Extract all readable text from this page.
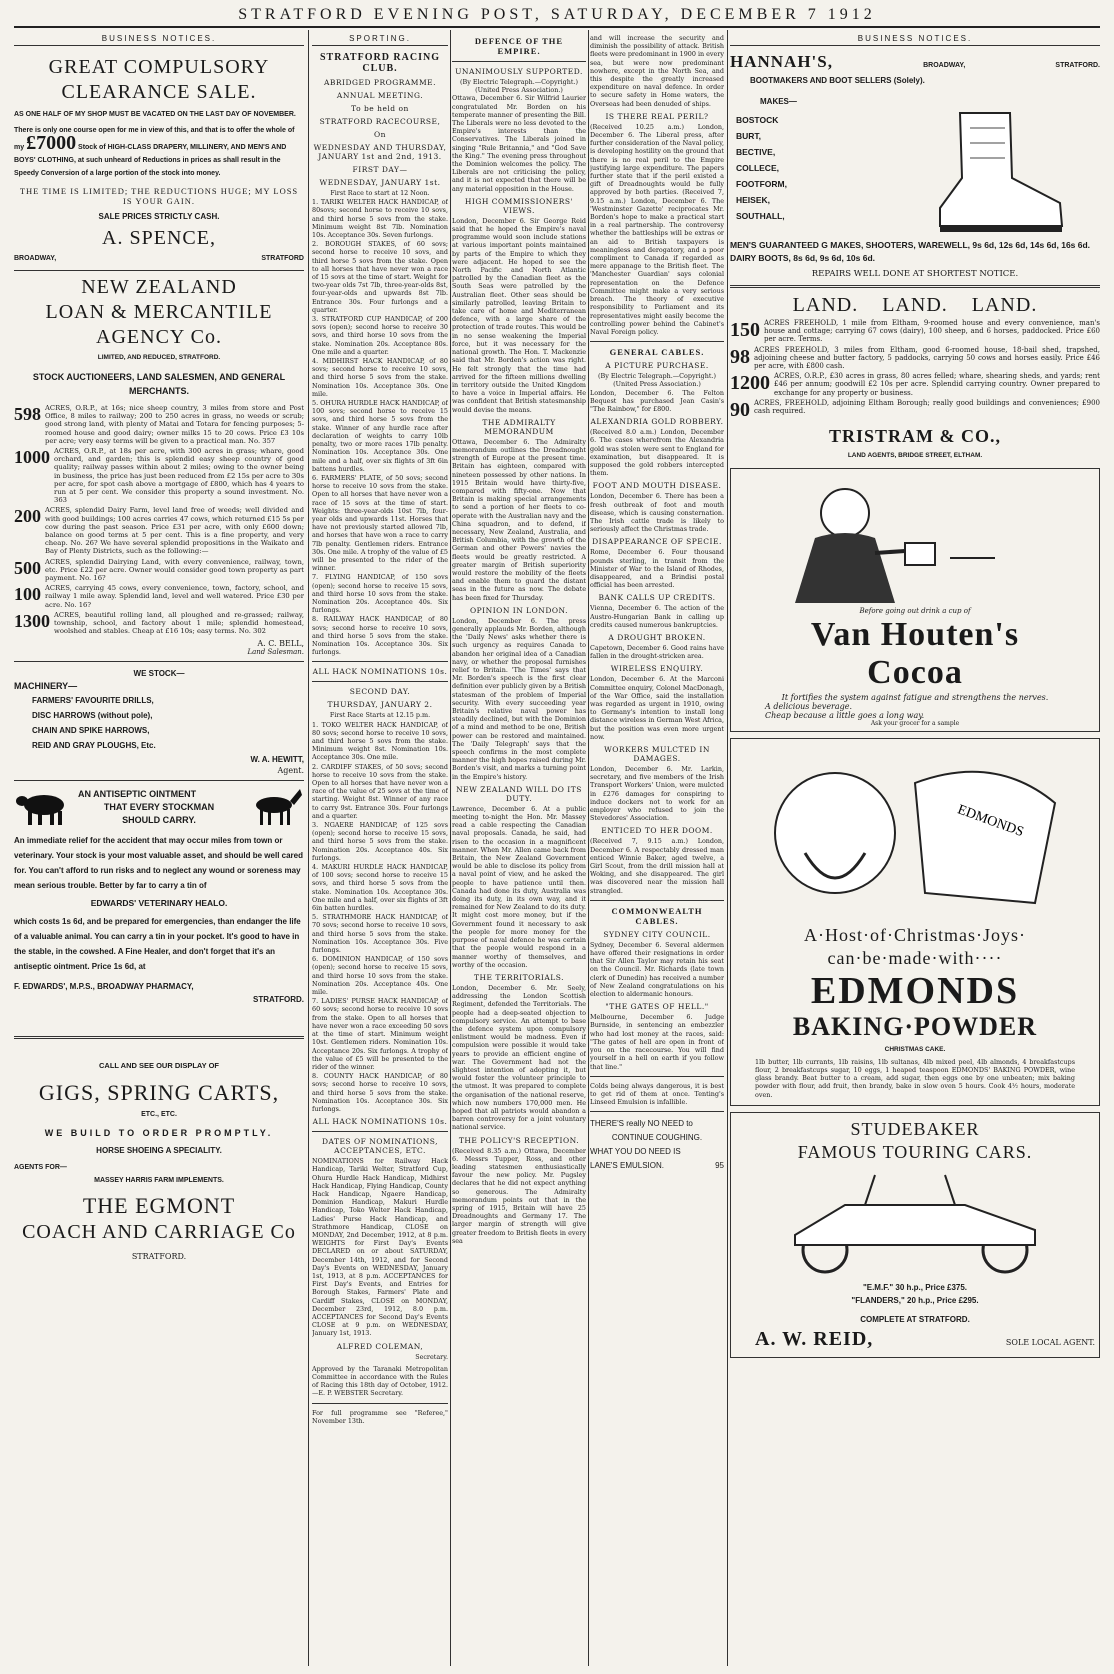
STRATFORD EVENING POST, SATURDAY, DECEMBER 7 1912
BUSINESS NOTICES.
GREAT COMPULSORY
CLEARANCE SALE.
AS ONE HALF OF MY SHOP MUST BE VACATED ON THE LAST DAY OF NOVEMBER.
There is only one course open for me in view of this, and that is to offer the whole of my £7000 Stock of HIGH-CLASS DRAPERY, MILLINERY, AND MEN'S AND BOYS' CLOTHING, at such unheard of Reductions in prices as shall result in the Speedy Conversion of a large portion of the stock into money.
THE TIME IS LIMITED; THE REDUCTIONS HUGE; MY LOSS IS YOUR GAIN.
SALE PRICES STRICTLY CASH.
A. SPENCE,
BROADWAY,	STRATFORD
NEW ZEALAND
LOAN & MERCANTILE
AGENCY Co.
LIMITED, AND REDUCED, STRATFORD.
STOCK AUCTIONEERS, LAND SALESMEN, AND GENERAL MERCHANTS.
598 ACRES, O.R.P., at 16s; nice sheep country, 3 miles from store and Post Office, 8 miles to railway; 200 to 250 acres in grass, no weeds or scrub; good strong land, with plenty of Matai and Totara for fencing purposes; 5-roomed house and good dairy; owner milks 15 to 20 cows. Price £3 10s per acre; very easy terms will be given to a practical man. No. 357
1000 ACRES, O.R.P., at 18s per acre, with 300 acres in grass; whare, good orchard, and garden; this is splendid easy sheep country of good quality; railway passes within about 2 miles; owing to the owner being in business, the price has just been reduced from £2 15s per acre to 30s per acre, for spot cash above a mortgage of £800, which has 4 years to run at 5 per cent. We consider this property a sound investment. No. 363
200 ACRES, splendid Dairy Farm, level land free of weeds; well divided and with good buildings; 100 acres carries 47 cows, which returned £15 5s per cow during the past season. Price £31 per acre, with only £600 down; balance on good terms at 5 per cent. This is a fine property, and very cheap. No. 26? We have several splendid propositions in the Waikato and Bay of Plenty Districts, such as the following:—
500 ACRES, splendid Dairying Land, with every convenience, railway, town, etc. Price £22 per acre. Owner would consider good town property as part payment. No. 16?
100 ACRES, carrying 45 cows, every convenience, town, factory, school, and railway 1 mile away. Splendid land, level and well watered. Price £30 per acre. No. 16?
1300 ACRES, beautiful rolling land, all ploughed and re-grassed; railway, township, school, and factory about 1 mile; splendid homestead, woolshed and stables. Cheap at £16 10s; easy terms. No. 302
A. C. BELL,
Land Salesman.
WE STOCK—
MACHINERY—
FARMERS' FAVOURITE DRILLS,
DISC HARROWS (without pole),
CHAIN AND SPIKE HARROWS,
REID AND GRAY PLOUGHS, Etc.
W. A. HEWITT,
Agent.
AN ANTISEPTIC OINTMENT
THAT EVERY STOCKMAN
SHOULD CARRY.
An immediate relief for the accident that may occur miles from town or veterinary. Your stock is your most valuable asset, and should be well cared for. You can't afford to run risks and to neglect any wound or soreness may mean serious trouble. Better by far to carry a tin of
EDWARDS' VETERINARY HEALO.
which costs 1s 6d, and be prepared for emergencies, than endanger the life of a valuable animal. You can carry a tin in your pocket. It's good to have in the stable, in the cowshed. A Fine Healer, and don't forget that it's an antiseptic ointment. Price 1s 6d, at
F. EDWARDS', M.P.S., BROADWAY PHARMACY,
STRATFORD.
CALL AND SEE OUR DISPLAY OF
GIGS, SPRING CARTS,
ETC., ETC.
WE BUILD TO ORDER PROMPTLY.
HORSE SHOEING A SPECIALITY.
AGENTS FOR—
MASSEY HARRIS FARM IMPLEMENTS.
THE EGMONT
COACH AND CARRIAGE Co
STRATFORD.
SPORTING.
STRATFORD RACING CLUB.
ABRIDGED PROGRAMME.
ANNUAL MEETING.
To be held on
STRATFORD RACECOURSE,
On
WEDNESDAY AND THURSDAY, JANUARY 1st and 2nd, 1913.
FIRST DAY—
WEDNESDAY, JANUARY 1st.
First Race to start at 12 Noon.
1. TARIKI WELTER HACK HANDICAP, of 80sovs; second horse to receive 10 sovs, and third horse 5 sovs from the stake. Minimum weight 8st 7lb. Nomination 10s. Acceptance 30s. Seven furlongs.
2. BOROUGH STAKES, of 60 sovs; second horse to receive 10 sovs, and third horse 5 sovs from the stake. Open to all horses that have never won a race of 15 sovs at the time of start. Weight for two-year olds 7st 7lb, three-year-olds 8st, four-year-olds and upwards 8st 7lb. Entrance 30s. Four furlongs and a quarter.
3. STRATFORD CUP HANDICAP, of 200 sovs (open); second horse to receive 30 sovs, and third horse 10 sovs from the stake. Nomination 20s. Acceptance 80s. One mile and a quarter.
4. MIDHIRST HACK HANDICAP, of 80 sovs; second horse to receive 10 sovs, and third horse 5 sovs from the stake. Nomination 10s. Acceptance 30s. One mile.
5. OHURA HURDLE HACK HANDICAP, of 100 sovs; second horse to receive 15 sovs, and third horse 5 sovs from the stake. Winner of any hurdle race after declaration of weights to carry 10lb penalty, two or more races 17lb penalty. Nomination 10s. Acceptance 30s. One mile and a half, over six flights of 3ft 6in battens hurdles.
6. FARMERS' PLATE, of 50 sovs; second horse to receive 10 sovs from the stake. Open to all horses that have never won a race of 15 sovs at the time of start. Weights: three-year-olds 10st 7lb, four-year olds and upwards 11st. Horses that have not previously started allowed 7lb, and horses that have won a race to carry 7lb penalty. Gentlemen riders. Entrance 30s. One mile. A trophy of the value of £5 will be presented to the rider of the winner.
7. FLYING HANDICAP, of 150 sovs (open); second horse to receive 15 sovs, and third horse 10 sovs from the stake. Nomination 20s. Acceptance 40s. Six furlongs.
8. RAILWAY HACK HANDICAP, of 80 sovs; second horse to receive 10 sovs, and third horse 5 sovs from the stake. Nomination 10s. Acceptance 30s. Six furlongs.
ALL HACK NOMINATIONS 10s.
SECOND DAY.
THURSDAY, JANUARY 2.
First Race Starts at 12.15 p.m.
1. TOKO WELTER HACK HANDICAP, of 80 sovs; second horse to receive 10 sovs, and third horse 5 sovs from the stake. Minimum weight 8st. Nomination 10s. Acceptance 30s. One mile.
2. CARDIFF STAKES, of 50 sovs; second horse to receive 10 sovs from the stake. Open to all horses that have never won a race of the value of 25 sovs at the time of starting. Weight 8st. Winner of any race to carry 9st. Entrance 30s. Four furlongs and a quarter.
3. NGAERE HANDICAP, of 125 sovs (open); second horse to receive 15 sovs, and third horse 5 sovs from the stake. Nomination 20s. Acceptance 40s. Six furlongs.
4. MAKURI HURDLE HACK HANDICAP, of 100 sovs; second horse to receive 15 sovs, and third horse 5 sovs from the stake. Nomination 10s. Acceptance 30s. One mile and a half, over six flights of 3ft 6in batten hurdles.
5. STRATHMORE HACK HANDICAP, of 70 sovs; second horse to receive 10 sovs, and third horse 5 sovs from the stake. Nomination 10s. Acceptance 30s. Five furlongs.
6. DOMINION HANDICAP, of 150 sovs (open); second horse to receive 15 sovs, and third horse 10 sovs from the stake. Nomination 20s. Acceptance 40s. One mile.
7. LADIES' PURSE HACK HANDICAP, of 60 sovs; second horse to receive 10 sovs from the stake. Open to all horses that have never won a race exceeding 50 sovs at the time of start. Minimum weight 10st. Gentlemen riders. Nomination 10s. Acceptance 20s. Six furlongs. A trophy of the value of £5 will be presented to the rider of the winner.
8. COUNTY HACK HANDICAP, of 80 sovs; second horse to receive 10 sovs, and third horse 5 sovs from the stake. Nomination 10s. Acceptance 30s. Six furlongs.
ALL HACK NOMINATIONS 10s.
DATES OF NOMINATIONS, ACCEPTANCES, ETC.
NOMINATIONS for Railway Hack Handicap, Tariki Welter, Stratford Cup, Ohura Hurdle Hack Handicap, Midhirst Hack Handicap, Flying Handicap, County Hack Handicap, Ngaere Handicap, Dominion Handicap, Makuri Hurdle Handicap, Toko Welter Hack Handicap, Ladies' Purse Hack Handicap, and Strathmore Handicap, CLOSE on MONDAY, 2nd December, 1912, at 8 p.m. WEIGHTS for First Day's Events DECLARED on or about SATURDAY, December 14th, 1912, and for Second Day's Events on WEDNESDAY, January 1st, 1913, at 8 p.m. ACCEPTANCES for First Day's Events, and Entries for Borough Stakes, Farmers' Plate and Cardiff Stakes, CLOSE on MONDAY, December 23rd, 1912, 8.0 p.m. ACCEPTANCES for Second Day's Events CLOSE at 9 p.m. on WEDNESDAY, January 1st, 1913.
ALFRED COLEMAN,
Secretary.
Approved by the Taranaki Metropolitan Committee in accordance with the Rules of Racing this 18th day of October, 1912.—E. P. WEBSTER Secretary.
For full programme see "Referee," November 13th.
DEFENCE OF THE EMPIRE.
UNANIMOUSLY SUPPORTED.
(By Electric Telegraph.—Copyright.) (United Press Association.)
Ottawa, December 6. Sir Wilfrid Laurier congratulated Mr. Borden on his temperate manner of presenting the Bill. The Liberals were no less devoted to the Empire's interests than the Conservatives. The Liberals joined in singing "Rule Britannia," and "God Save the King." The evening press throughout the Dominion welcomes the policy. The Liberals are not criticising the policy, and it is not expected that there will be any material opposition in the House.
HIGH COMMISSIONERS' VIEWS.
London, December 6. Sir George Reid said that he hoped the Empire's naval programme would soon include stations at various important points maintained by parts of the Empire to which they were adjacent. He hoped to see the North Pacific and North Atlantic patrolled by the Canadian fleet as the South Seas were patrolled by the Australian fleet. Other seas should be similarly patrolled, leaving Britain to take care of home and Mediterranean defence, with a large share of the protection of trade routes. This would be in no sense weakening the Imperial force, but it was necessary for the national growth. The Hon. T. Mackenzie said that Mr. Borden's action was right. He felt strongly that the time had arrived for the fifteen millions dwelling in territory outside the United Kingdom to have a voice in Imperial affairs. He was confident that British statesmanship would devise the means.
THE ADMIRALTY MEMORANDUM
Ottawa, December 6. The Admiralty memorandum outlines the Dreadnought strength of Europe at the present time. Britain has eighteen, compared with nineteen possessed by other nations. In 1915 Britain would have thirty-five, compared with fifty-one. Now that Britain is making special arrangements to send a portion of her fleets to co-operate with the Australian navy and the China squadron, and to defend, if necessary, New Zealand, Australia, and British Columbia, with the growth of the German and other Powers' navies the fleets would be greatly restricted. A greater margin of British superiority would restore the mobility of the fleets and enable them to guard the distant seas in the future as now. The debate has been fixed for Thursday.
OPINION IN LONDON.
London, December 6. The press generally applauds Mr. Borden, although the 'Daily News' asks whether there is such urgency as requires Canada to abandon her original idea of a Canadian navy, or whether the proposal furnishes relief to Britain. 'The Times' says that Mr. Borden's speech is the first clear definition ever publicly given by a British statesman of the problem of Imperial security. With every succeeding year Britain's relative naval power has steadily declined, but with the Dominion of a mind and method to be one, British power can be restored and maintained. The 'Daily Telegraph' says that the speech confirms in the most complete manner the high hopes raised during Mr. Borden's visit, and marks a turning point in the Empire's history.
NEW ZEALAND WILL DO ITS DUTY.
Lawrence, December 6. At a public meeting to-night the Hon. Mr. Massey read a cable respecting the Canadian naval proposals. Canada, he said, had risen to the occasion in a magnificent manner. When Mr. Allen came back from Britain, the New Zealand Government would be able to disclose its policy from a naval point of view, and he asked the people to have patience until then. Canada had done its duty, Australia was doing its duty, in its own way, and it remained for New Zealand to do its duty. It might cost more money, but if the Government found it necessary to ask the people for more money for the purpose of naval defence he was certain that the people would respond in a manner worthy of themselves, and worthy of the occasion.
THE TERRITORIALS.
London, December 6. Mr. Seely, addressing the London Scottish Regiment, defended the Territorials. The people had a deep-seated objection to compulsory service. An attempt to base the defence system upon compulsory enlistment would be madness. Even if compulsion were possible it would take years to provide an efficient engine of war. The Government had not the slightest intention of adopting it, but would foster the volunteer principle to the utmost. It was prepared to complete the organisation of the national reserve, which now numbers 170,000 men. He hoped that all patriots would abandon a barren controversy for a joint voluntary national service.
THE POLICY'S RECEPTION.
(Received 8.35 a.m.) Ottawa, December 6. Messrs Tupper, Ross, and other leading statesmen enthusiastically favour the new policy. Mr. Pugsley declares that he did not expect anything so generous. The Admiralty memorandum points out that in the spring of 1915, Britain will have 25 Dreadnoughts and Germany 17. The larger margin of strength will give greater freedom to British fleets in every sea
and will increase the security and diminish the possibility of attack. British fleets were predominant in 1900 in every sea, but were now predominant nowhere, except in the North Sea, and this despite the greatly increased expenditure on naval defence. In order to secure safety in Home waters, the Overseas had been denuded of ships.
IS THERE REAL PERIL?
(Received 10.25 a.m.) London, December 6. The Liberal press, after further consideration of the Naval policy, is developing hostility on the ground that there is no real peril to the Empire justifying large expenditure. The papers further state that if the peril existed a gift of Dreadnoughts would be fully approved by both parties. (Received 7, 9.15 a.m.) London, December 6. The 'Westminster Gazette' reciprocates Mr. Borden's hope to make a practical start in a real partnership. The controversy whether the battleships will be extras or an aid to British taxpayers is meaningless and derogatory, and a poor compliment to Canada if regarded as mere appanage to the British fleet. The 'Manchester Guardian' says colonial representation on the Defence Committee might make a very serious breach. The theory of executive responsibility to Parliament and its representatives might easily become the controlling power behind the Cabinet's Naval Foreign policy.
GENERAL CABLES.
A PICTURE PURCHASE.
(By Electric Telegraph.—Copyright.) (United Press Association.)
London, December 6. The Felton Bequest has purchased Jean Casin's "The Rainbow," for £800.
ALEXANDRIA GOLD ROBBERY.
(Received 8.0 a.m.) London, December 6. The cases wherefrom the Alexandria gold was stolen were sent to England for examination, but disappeared. It is supposed the gold robbers intercepted them.
FOOT AND MOUTH DISEASE.
London, December 6. There has been a fresh outbreak of foot and mouth disease, which is causing consternation. The Irish cattle trade is likely to seriously affect the Christmas trade.
DISAPPEARANCE OF SPECIE.
Rome, December 6. Four thousand pounds sterling, in transit from the Minister of War to the Island of Rhodes, disappeared, and a Brindisi postal official has been arrested.
BANK CALLS UP CREDITS.
Vienna, December 6. The action of the Austro-Hungarian Bank in calling up credits caused numerous bankruptcies.
A DROUGHT BROKEN.
Capetown, December 6. Good rains have fallen in the drought-stricken area.
WIRELESS ENQUIRY.
London, December 6. At the Marconi Committee enquiry, Colonel MacDonagh, of the War Office, said the installation was regarded as urgent in 1910, owing to Germany's intention to install long distance wireless in German West Africa, but the position was even more urgent now.
WORKERS MULCTED IN DAMAGES.
London, December 6. Mr. Larkin, secretary, and five members of the Irish Transport Workers' Union, were mulcted in £276 damages for conspiring to induce dockers not to work for an employer who refused to join the Stevedores' Association.
ENTICED TO HER DOOM.
(Received 7, 9.15 a.m.) London, December 6. A respectably dressed man enticed Winnie Baker, aged twelve, a Girl Scout, from the drill mission hall at Woking, and she disappeared. The girl was discovered near the mission hall strangled.
COMMONWEALTH CABLES.
SYDNEY CITY COUNCIL.
Sydney, December 6. Several aldermen have offered their resignations in order that Sir Allen Taylor may retain his seat on the Council. Mr. Richards (late town clerk of Dunedin) has received a number of New Zealand congratulations on his election to aldermanic honours.
"THE GATES OF HELL."
Melbourne, December 6. Judge Burnside, in sentencing an embezzler who had lost money at the races, said: "The gates of hell are open in front of you on the racecourse. You will find yourself in a hell on earth if you follow that line."
Colds being always dangerous, it is best to get rid of them at once. Tenting's Linseed Emulsion is infallible.
THERE'S really NO NEED to
CONTINUE COUGHING.
WHAT YOU DO NEED IS
LANE'S EMULSION.	95
BUSINESS NOTICES.
HANNAH'S,	BROADWAY,	STRATFORD.
BOOTMAKERS AND BOOT SELLERS (Solely).
MAKES—
BOSTOCK
BURT,
BECTIVE,
COLLECE,
FOOTFORM,
HEISEK,
SOUTHALL,
MEN'S GUARANTEED G MAKES, SHOOTERS, WAREWELL, 9s 6d, 12s 6d, 14s 6d, 16s 6d.
DAIRY BOOTS, 8s 6d, 9s 6d, 10s 6d.
REPAIRS WELL DONE AT SHORTEST NOTICE.
LAND.    LAND.    LAND.
150 ACRES FREEHOLD, 1 mile from Eltham, 9-roomed house and every convenience, man's house and cottage; carrying 67 cows (dairy), 100 sheep, and 6 horses, paddocked. Price £60 per acre. Terms.
98 ACRES FREEHOLD, 3 miles from Eltham, good 6-roomed house, 18-bail shed, trapshed, adjoining cheese and butter factory, 5 paddocks, carrying 50 cows and horses easily. Price £46 per acre, with £800 cash.
1200 ACRES, O.R.P., £30 acres in grass, 80 acres felled; whare, shearing sheds, and yards; rent £46 per annum; goodwill £2 10s per acre. Splendid carrying country. Owner prepared to exchange for any property or business.
90 ACRES, FREEHOLD, adjoining Eltham Borough; really good buildings and conveniences; £900 cash required.
TRISTRAM & CO.,
LAND AGENTS, BRIDGE STREET, ELTHAM.
Before going out drink a cup of
Van Houten's
Cocoa
It fortifies the system against fatigue and strengthens the nerves.
A delicious beverage.
Cheap because a little goes a long way.
Ask your grocer for a sample
EDMONDS
A·Host·of·Christmas·Joys·
can·be·made·with····
EDMONDS
BAKING·POWDER
CHRISTMAS CAKE.
1lb butter, 1lb currants, 1lb raisins, 1lb sultanas, 4lb mixed peel, 4lb almonds, 4 breakfastcups flour, 2 breakfastcups sugar, 10 eggs, 1 heaped teaspoon EDMONDS' BAKING POWDER, wine glass brandy. Beat butter to a cream, add sugar, then eggs one by one unbeaten; mix baking powder with flour, add fruit, then brandy, bake in slow oven 5 hours. Cook 4½ hours, moderate oven.
STUDEBAKER
FAMOUS TOURING CARS.
"E.M.F." 30 h.p., Price £375.
"FLANDERS," 20 h.p., Price £295.
COMPLETE AT STRATFORD.
A. W. REID,	SOLE LOCAL AGENT.
